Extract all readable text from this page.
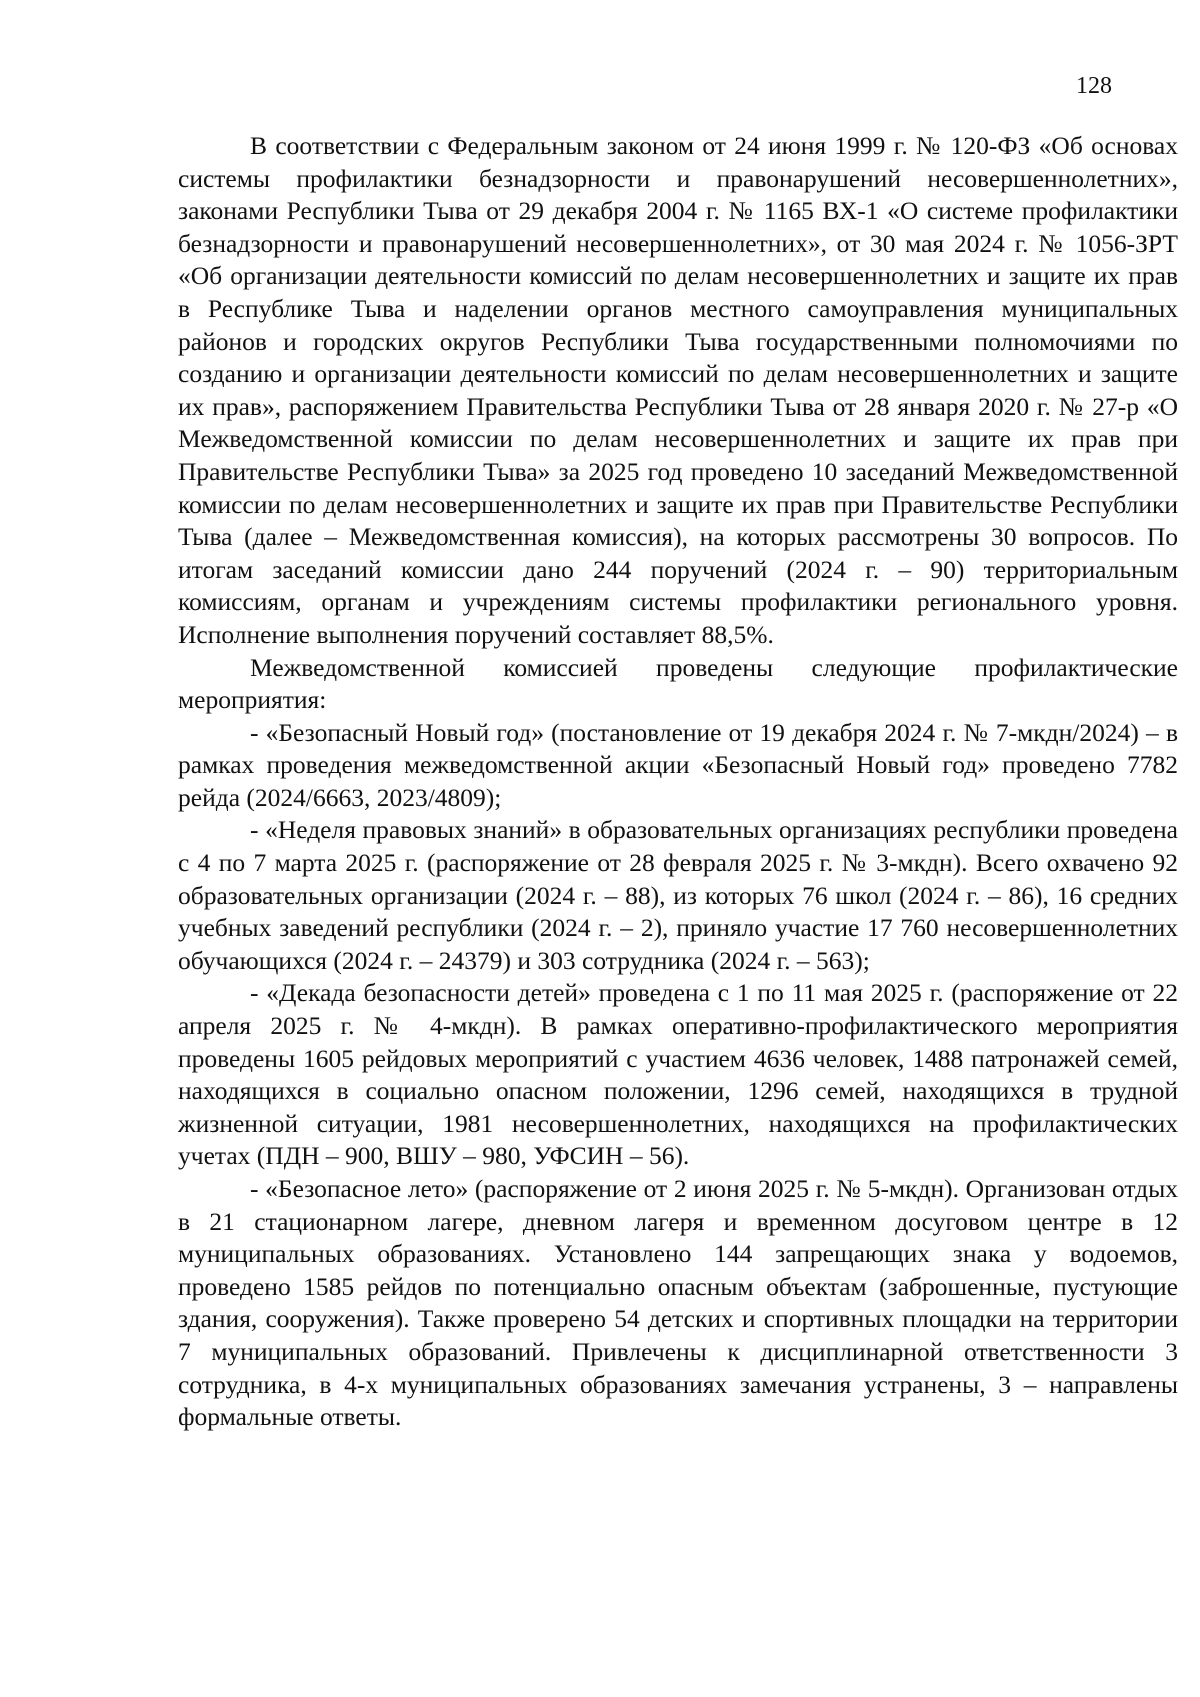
128

В соответствии с Федеральным законом от 24 июня 1999 г. № 120-ФЗ «Об основах системы профилактики безнадзорности и правонарушений несовершеннолетних», законами Республики Тыва от 29 декабря 2004 г. № 1165 ВХ-1 «О системе профилактики безнадзорности и правонарушений несовершеннолетних», от 30 мая 2024 г. № 1056-ЗРТ «Об организации деятельности комиссий по делам несовершеннолетних и защите их прав в Республике Тыва и наделении органов местного самоуправления муниципальных районов и городских округов Республики Тыва государственными полномочиями по созданию и организации деятельности комиссий по делам несовершеннолетних и защите их прав», распоряжением Правительства Республики Тыва от 28 января 2020 г. № 27-р «О Межведомственной комиссии по делам несовершеннолетних и защите их прав при Правительстве Республики Тыва» за 2025 год проведено 10 заседаний Межведомственной комиссии по делам несовершеннолетних и защите их прав при Правительстве Республики Тыва (далее – Межведомственная комиссия), на которых рассмотрены 30 вопросов. По итогам заседаний комиссии дано 244 поручений (2024 г. – 90) территориальным комиссиям, органам и учреждениям системы профилактики регионального уровня. Исполнение выполнения поручений составляет 88,5%.

Межведомственной комиссией проведены следующие профилактические мероприятия:

- «Безопасный Новый год» (постановление от 19 декабря 2024 г. № 7-мкдн/2024) – в рамках проведения межведомственной акции «Безопасный Новый год» проведено 7782 рейда (2024/6663, 2023/4809);

- «Неделя правовых знаний» в образовательных организациях республики проведена с 4 по 7 марта 2025 г. (распоряжение от 28 февраля 2025 г. № 3-мкдн). Всего охвачено 92 образовательных организации (2024 г. – 88), из которых 76 школ (2024 г. – 86), 16 средних учебных заведений республики (2024 г. – 2), приняло участие 17 760 несовершеннолетних обучающихся (2024 г. – 24379) и 303 сотрудника (2024 г. – 563);

- «Декада безопасности детей» проведена с 1 по 11 мая 2025 г. (распоряжение от 22 апреля 2025 г. № 4-мкдн). В рамках оперативно-профилактического мероприятия проведены 1605 рейдовых мероприятий с участием 4636 человек, 1488 патронажей семей, находящихся в социально опасном положении, 1296 семей, находящихся в трудной жизненной ситуации, 1981 несовершеннолетних, находящихся на профилактических учетах (ПДН – 900, ВШУ – 980, УФСИН – 56).

- «Безопасное лето» (распоряжение от 2 июня 2025 г. № 5-мкдн). Организован отдых в 21 стационарном лагере, дневном лагеря и временном досуговом центре в 12 муниципальных образованиях. Установлено 144 запрещающих знака у водоемов, проведено 1585 рейдов по потенциально опасным объектам (заброшенные, пустующие здания, сооружения). Также проверено 54 детских и спортивных площадки на территории 7 муниципальных образований. Привлечены к дисциплинарной ответственности 3 сотрудника, в 4-х муниципальных образованиях замечания устранены, 3 – направлены формальные ответы.
